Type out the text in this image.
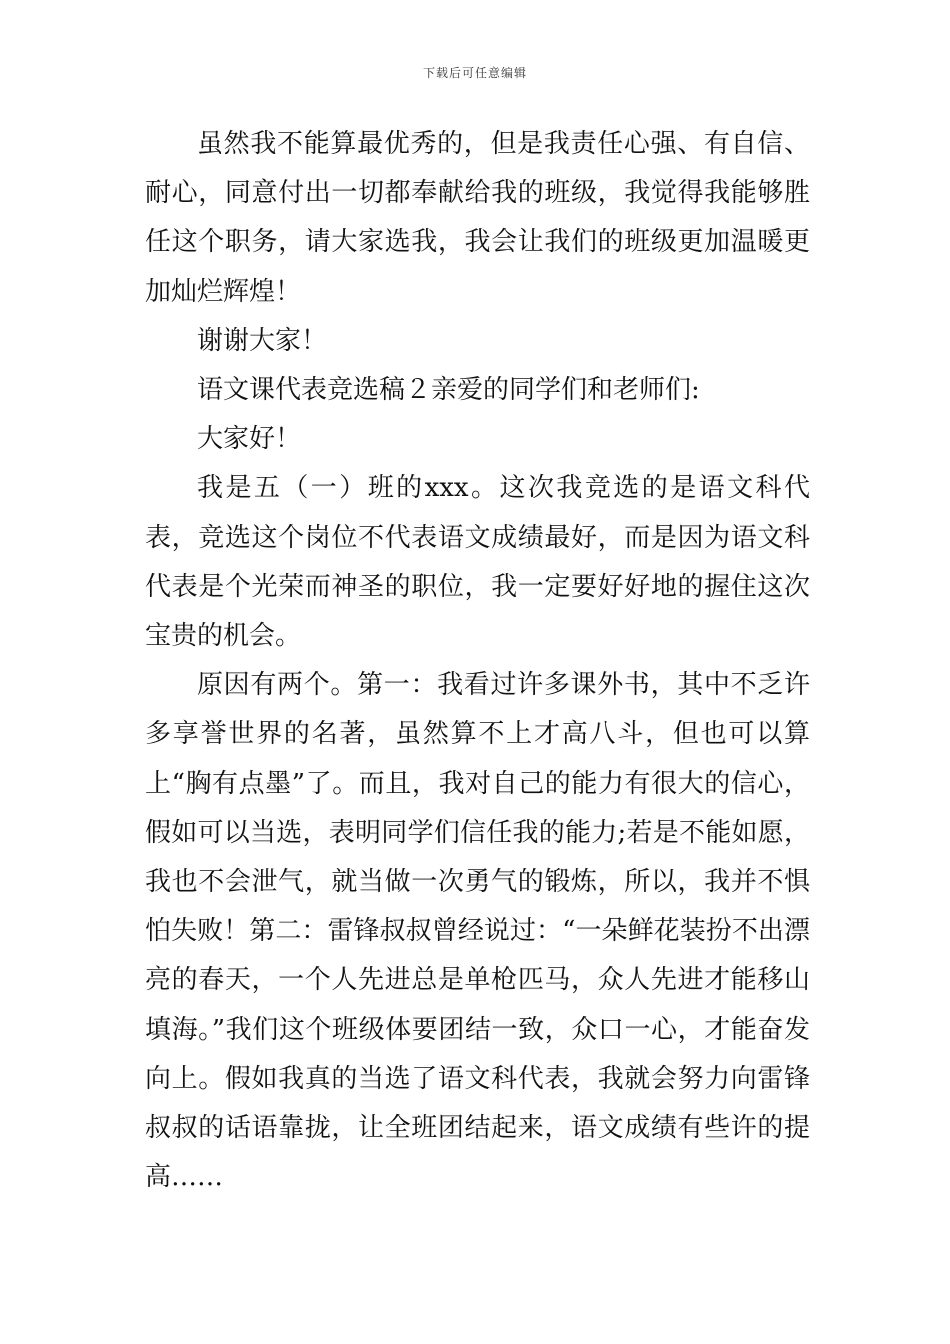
下载后可任意编辑

虽然我不能算最优秀的，但是我责任心强、有自信、耐心，同意付出一切都奉献给我的班级，我觉得我能够胜任这个职务，请大家选我，我会让我们的班级更加温暖更加灿烂辉煌！

谢谢大家！

语文课代表竞选稿２亲爱的同学们和老师们:

大家好！

我是五（一）班的xxx。这次我竞选的是语文科代表，竞选这个岗位不代表语文成绩最好，而是因为语文科代表是个光荣而神圣的职位，我一定要好好地的握住这次宝贵的机会。

原因有两个。第一：我看过许多课外书，其中不乏许多享誉世界的名著，虽然算不上才高八斗，但也可以算上“胸有点墨”了。而且，我对自己的能力有很大的信心，假如可以当选，表明同学们信任我的能力;若是不能如愿，我也不会泄气，就当做一次勇气的锻炼，所以，我并不惧怕失败！第二：雷锋叔叔曾经说过：“一朵鲜花装扮不出漂亮的春天，一个人先进总是单枪匹马，众人先进才能移山填海。”我们这个班级体要团结一致，众口一心，才能奋发向上。假如我真的当选了语文科代表，我就会努力向雷锋叔叔的话语靠拢，让全班团结起来，语文成绩有些许的提高……
